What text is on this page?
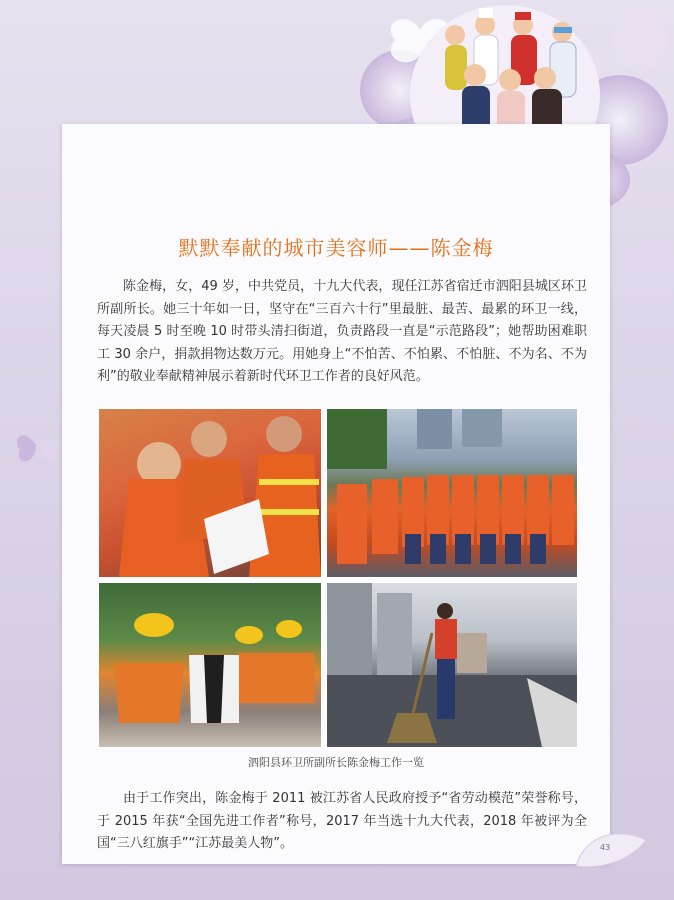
默默奉献的城市美容师——陈金梅
陈金梅，女，49 岁，中共党员，十九大代表，现任江苏省宿迁市泗阳县城区环卫所副所长。她三十年如一日，坚守在“三百六十行”里最脏、最苦、最累的环卫一线，每天凌晨 5 时至晚 10 时带头清扫街道，负责路段一直是“示范路段”；她帮助困难职工 30 余户，捐款捐物达数万元。用她身上“不怕苦、不怕累、不怕脏、不为名、不为利”的敬业奉献精神展示着新时代环卫工作者的良好风范。
泗阳县环卫所副所长陈金梅工作一览
由于工作突出，陈金梅于 2011 被江苏省人民政府授予“省劳动模范”荣誉称号，于 2015 年获“全国先进工作者”称号，2017 年当选十九大代表，2018 年被评为全国“三八红旗手”“江苏最美人物”。	43
